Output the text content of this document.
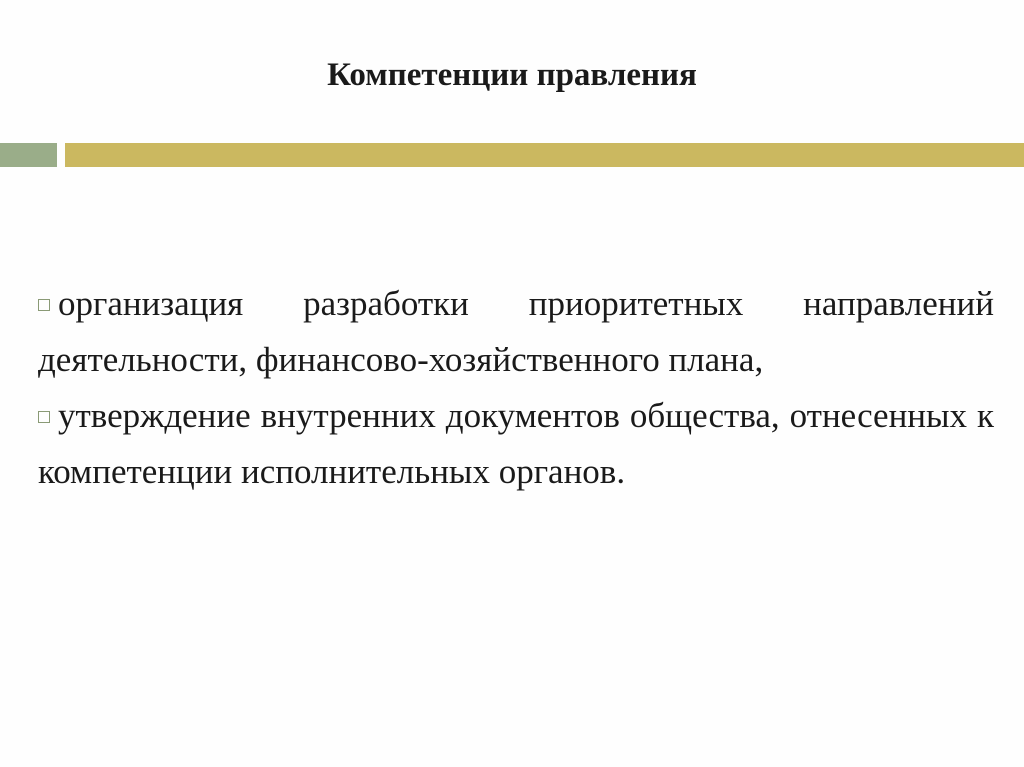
Компетенции правления

организация разработки приоритетных направлений деятельности, финансово-хозяйственного плана,

утверждение внутренних документов общества, отнесенных к компетенции исполнительных органов.
